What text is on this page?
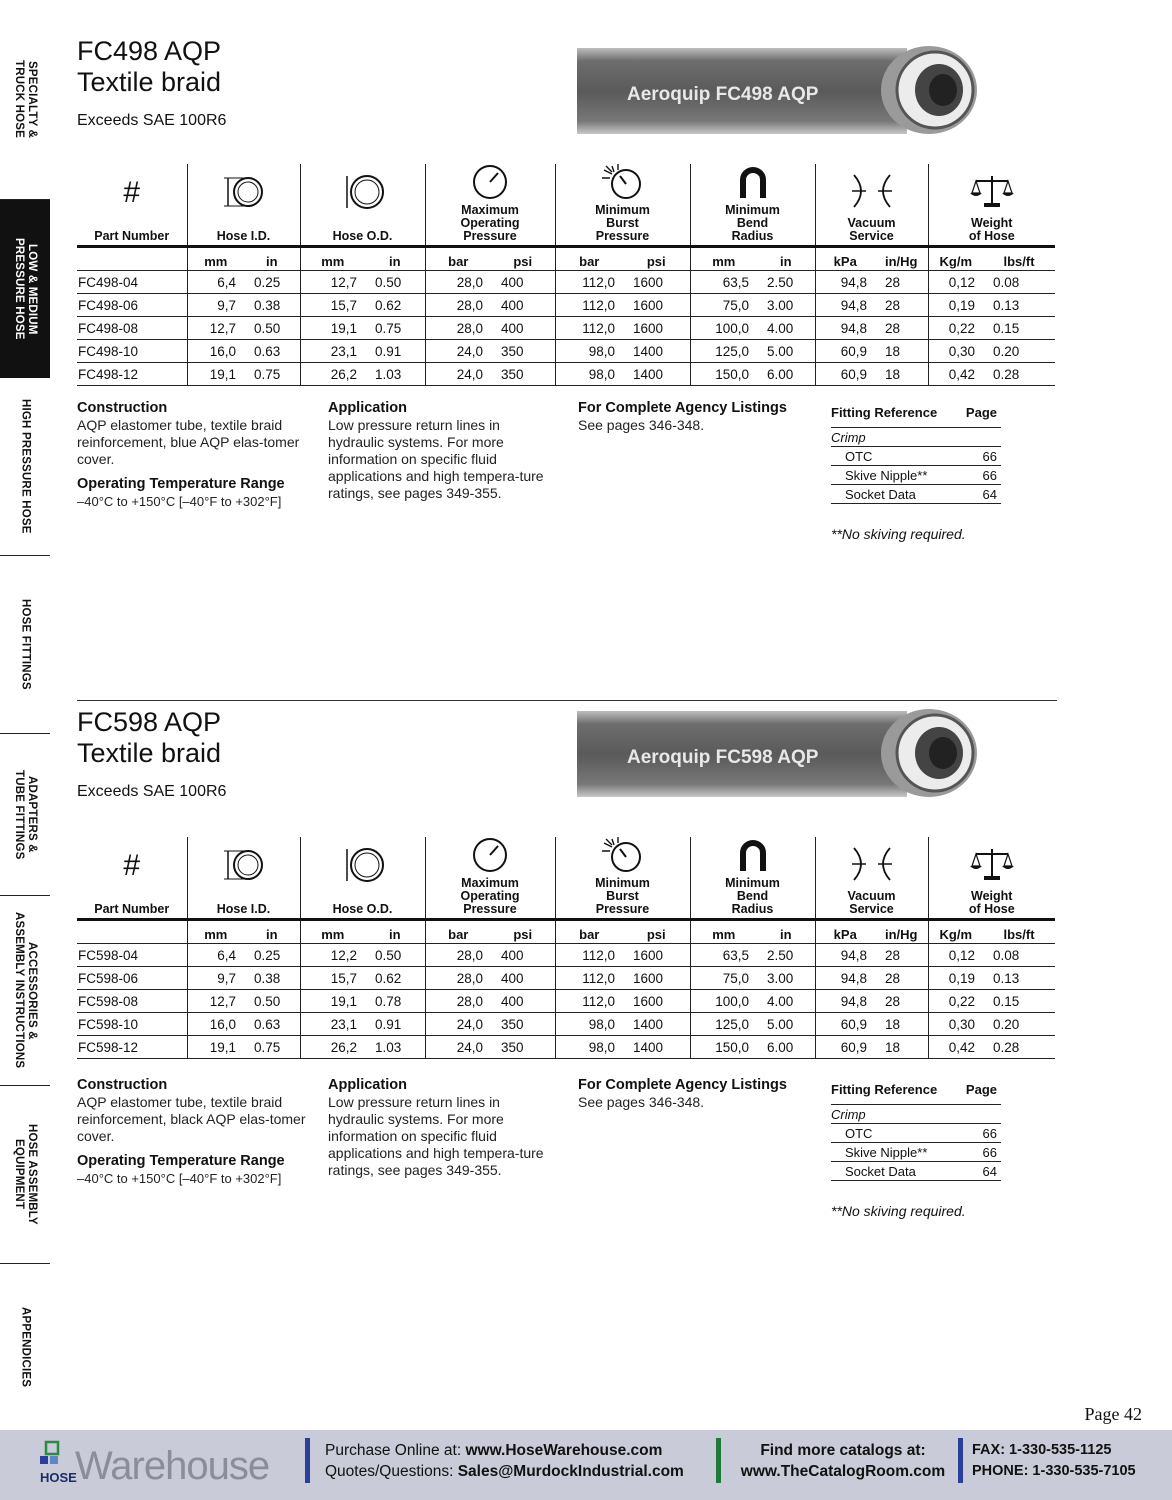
SPECIALTY &
TRUCK HOSE
LOW & MEDIUM
PRESSURE HOSE
HIGH PRESSURE HOSE
HOSE FITTINGS
ADAPTERS &
TUBE FITTINGS
ACCESSORIES &
ASSEMBLY INSTRUCTIONS
HOSE ASSEMBLY
EQUIPMENT
APPENDICIES
FC498 AQP
Textile braid
Exceeds SAE 100R6
Aeroquip FC498 AQP
#
Part Number	Hose I.D.		Hose O.D.		Maximum
Operating
Pressure		Minimum
Burst
Pressure		Minimum
Bend
Radius		Vacuum
Service		Weight
of Hose	
	mm	in	mm	in	bar	psi	bar	psi	mm	in	kPa	in/Hg	Kg/m	lbs/ft
FC498-04	6,4	0.25	12,7	0.50	28,0	400	112,0	1600	63,5	2.50	94,8	28	0,12	0.08
FC498-06	9,7	0.38	15,7	0.62	28,0	400	112,0	1600	75,0	3.00	94,8	28	0,19	0.13
FC498-08	12,7	0.50	19,1	0.75	28,0	400	112,0	1600	100,0	4.00	94,8	28	0,22	0.15
FC498-10	16,0	0.63	23,1	0.91	24,0	350	98,0	1400	125,0	5.00	60,9	18	0,30	0.20
FC498-12	19,1	0.75	26,2	1.03	24,0	350	98,0	1400	150,0	6.00	60,9	18	0,42	0.28
Construction

AQP elastomer tube, textile braid reinforcement, blue AQP elas-tomer cover.

Operating Temperature Range

–40°C to +150°C [–40°F to +302°F]

Application

Low pressure return lines in hydraulic systems. For more information on specific fluid applications and high tempera-ture ratings, see pages 349-355.

For Complete Agency Listings

See pages 346-348.

Fitting Reference	Page
Crimp	
OTC	66
Skive Nipple**	66
Socket Data	64
**No skiving required.
FC598 AQP
Textile braid
Exceeds SAE 100R6
Aeroquip FC598 AQP
#
Part Number	Hose I.D.		Hose O.D.		Maximum
Operating
Pressure		Minimum
Burst
Pressure		Minimum
Bend
Radius		Vacuum
Service		Weight
of Hose	
	mm	in	mm	in	bar	psi	bar	psi	mm	in	kPa	in/Hg	Kg/m	lbs/ft
FC598-04	6,4	0.25	12,2	0.50	28,0	400	112,0	1600	63,5	2.50	94,8	28	0,12	0.08
FC598-06	9,7	0.38	15,7	0.62	28,0	400	112,0	1600	75,0	3.00	94,8	28	0,19	0.13
FC598-08	12,7	0.50	19,1	0.78	28,0	400	112,0	1600	100,0	4.00	94,8	28	0,22	0.15
FC598-10	16,0	0.63	23,1	0.91	24,0	350	98,0	1400	125,0	5.00	60,9	18	0,30	0.20
FC598-12	19,1	0.75	26,2	1.03	24,0	350	98,0	1400	150,0	6.00	60,9	18	0,42	0.28
Construction

AQP elastomer tube, textile braid reinforcement, black AQP elas-tomer cover.

Operating Temperature Range

–40°C to +150°C [–40°F to +302°F]

Application

Low pressure return lines in hydraulic systems. For more information on specific fluid applications and high tempera-ture ratings, see pages 349-355.

For Complete Agency Listings

See pages 346-348.

Fitting Reference	Page
Crimp	
OTC	66
Skive Nipple**	66
Socket Data	64
**No skiving required.
Page 42
HOSE
Warehouse	Purchase Online at: www.HoseWarehouse.com
Quotes/Questions: Sales@MurdockIndustrial.com
Find more catalogs at:
www.TheCatalogRoom.com
FAX: 1-330-535-1125
PHONE: 1-330-535-7105
